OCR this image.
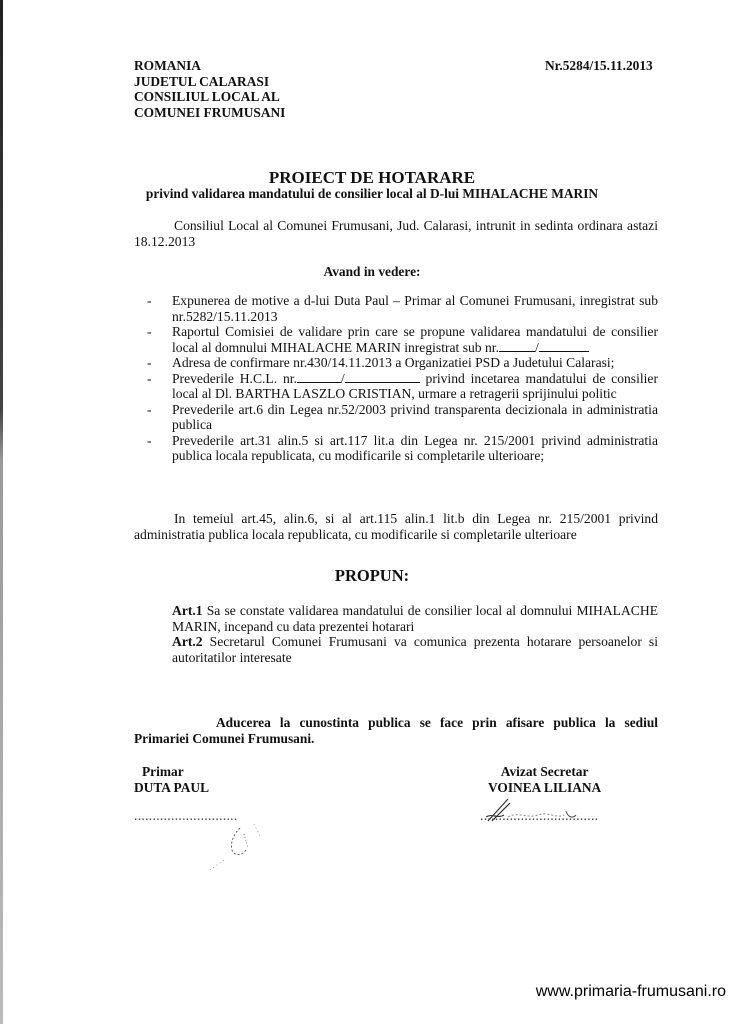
ROMANIA
JUDETUL CALARASI
CONSILIUL LOCAL AL
COMUNEI FRUMUSANI
Nr.5284/15.11.2013
PROIECT DE HOTARARE
privind validarea mandatului de consilier local al D-lui MIHALACHE MARIN
Consiliul Local al Comunei Frumusani, Jud. Calarasi, intrunit in sedinta ordinara astazi 18.12.2013
Avand in vedere:
- Expunerea de motive a d-lui Duta Paul – Primar al Comunei Frumusani, inregistrat sub nr.5282/15.11.2013
- Raportul Comisiei de validare prin care se propune validarea mandatului de consilier local al domnului MIHALACHE MARIN inregistrat sub nr.	/
- Adresa de confirmare nr.430/14.11.2013 a Organizatiei PSD a Judetului Calarasi;
- Prevederile H.C.L. nr.	/	privind incetarea mandatului de consilier local al Dl. BARTHA LASZLO CRISTIAN, urmare a retragerii sprijinului politic
- Prevederile art.6 din Legea nr.52/2003 privind transparenta decizionala in administratia publica
- Prevederile art.31 alin.5 si art.117 lit.a din Legea nr. 215/2001 privind administratia publica locala republicata, cu modificarile si completarile ulterioare;
In temeiul art.45, alin.6, si al art.115 alin.1 lit.b din Legea nr. 215/2001 privind administratia publica locala republicata, cu modificarile si completarile ulterioare
PROPUN:

Art.1 Sa se constate validarea mandatului de consilier local al domnului MIHALACHE MARIN, incepand cu data prezentei hotarari

Art.2 Secretarul Comunei Frumusani va comunica prezenta hotarare persoanelor si autoritatilor interesate

Aducerea la cunostinta publica se face prin afisare publica la sediul Primariei Comunei Frumusani.
Primar
DUTA PAUL
............................
Avizat Secretar
VOINEA LILIANA
................................
www.primaria-frumusani.ro
